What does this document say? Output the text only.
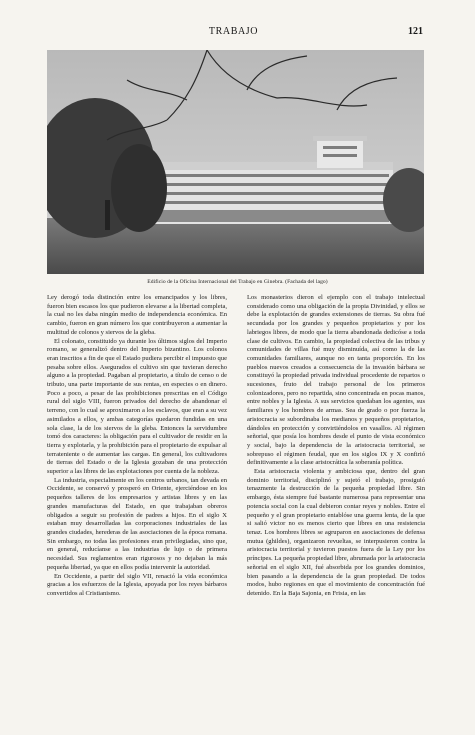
TRABAJO	121
Edificio de la Oficina Internacional del Trabajo en Ginebra. (Fachada del lago)

Ley derogó toda distinción entre los emancipados y los libres, fueron bien escasos los que pudieron elevarse a la libertad completa, la cual no les daba ningún medio de independencia económica. En cambio, fueron en gran número los que contribuyeron a aumentar la multitud de colonos y siervos de la gleba.

El colonato, constituido ya durante los últimos siglos del Imperio romano, se generalizó dentro del Imperio bizantino. Los colonos eran inscritos a fin de que el Estado pudiera percibir el impuesto que pesaba sobre ellos. Asegurados el cultivo sin que tuvieran derecho alguno a la propiedad. Pagaban al propietario, a título de censo o de tributo, una parte importante de sus rentas, en especies o en dinero. Poco a poco, a pesar de las prohibiciones prescritas en el Código rural del siglo VIII, fueron privados del derecho de abandonar el terreno, con lo cual se aproximaron a los esclavos, que eran a su vez asimilados a ellos, y ambas categorías quedaron fundidas en una sola clase, la de los siervos de la gleba. Entonces la servidumbre tomó dos caracteres: la obligación para el cultivador de residir en la tierra y explotarla, y la prohibición para el propietario de expulsar al terrateniente o de aumentar las cargas. En general, los cultivadores de tierras del Estado o de la Iglesia gozaban de una protección superior a las libres de las explotaciones por cuenta de la nobleza.

La industria, especialmente en los centros urbanos, tan devada en Occidente, se conservó y prosperó en Oriente, ejerciéndose en los pequeños talleres de los empresarios y artistas libres y en las grandes manufacturas del Estado, en que trabajaban obreros obligados a seguir su profesión de padres a hijos. En el siglo X estaban muy desarrolladas las corporaciones industriales de las grandes ciudades, herederas de las asociaciones de la época romana. Sin embargo, no todas las profesiones eran privilegiadas, sino que, en general, reducíanse a las industrias de lujo o de primera necesidad. Sus reglamentos eran rigurosos y no dejaban la más pequeña libertad, ya que en ellos podía intervenir la autoridad.

En Occidente, a partir del siglo VII, renació la vida económica gracias a los esfuerzos de la Iglesia, apoyada por los reyes bárbaros convertidos al Cristianismo.

Los monasterios dieron el ejemplo con el trabajo intelectual considerado como una obligación de la propia Divinidad, y ellos se debe la explotación de grandes extensiones de tierras. Su obra fué secundada por los grandes y pequeños propietarios y por los labriegos libres, de modo que la tierra abandonada dedicóse a toda clase de cultivos. En cambio, la propiedad colectiva de las tribus y comunidades de villas fué muy disminuída, así como la de las comunidades familiares, aunque no en tanta proporción. En los pueblos nuevos creados a consecuencia de la invasión bárbara se constituyó la propiedad privada individual procedente de repartos o sucesiones, fruto del trabajo personal de los primeros colonizadores, pero no repartida, sino concentrada en pocas manos, entre nobles y la Iglesia. A sus servicios quedaban los agentes, sus familiares y los hombres de armas. Sea de grado o por fuerza la aristocracia se subordinaba los medianos y pequeños propietarios, dándoles en protección y convirtiéndolos en vasallos. Al régimen señorial, que posía los hombres desde el punto de vista económico y social, bajo la dependencia de la aristocracia territorial, se sobrepuso el régimen feudal, que en los siglos IX y X confirió definitivamente a la clase aristocrática la soberanía política.

Esta aristocracia violenta y ambiciosa que, dentro del gran dominio territorial, disciplinó y sujetó el trabajo, prosiguió tenazmente la destrucción de la pequeña propiedad libre. Sin embargo, ésta siempre fué bastante numerosa para representar una potencia social con la cual debieron contar reyes y nobles. Entre el pequeño y el gran propietario entablóse una guerra lenta, de la que si salió victor no es menos cierto que libres en una resistencia tenaz. Los hombres libres se agruparon en asociaciones de defensa mutua (ghildes), organizaron revueltas, se interpusieron contra la aristocracia territorial y tuvieron puestos fuera de la Ley por los príncipes. La pequeña propiedad libre, abrumada por la aristocracia señorial en el siglo XII, fué absorbida por los grandes dominios, bien pasando a la dependencia de la gran propiedad. De todos modos, hubo regiones en que el movimiento de concentración fué detenido. En la Baja Sajonia, en Frisia, en las
